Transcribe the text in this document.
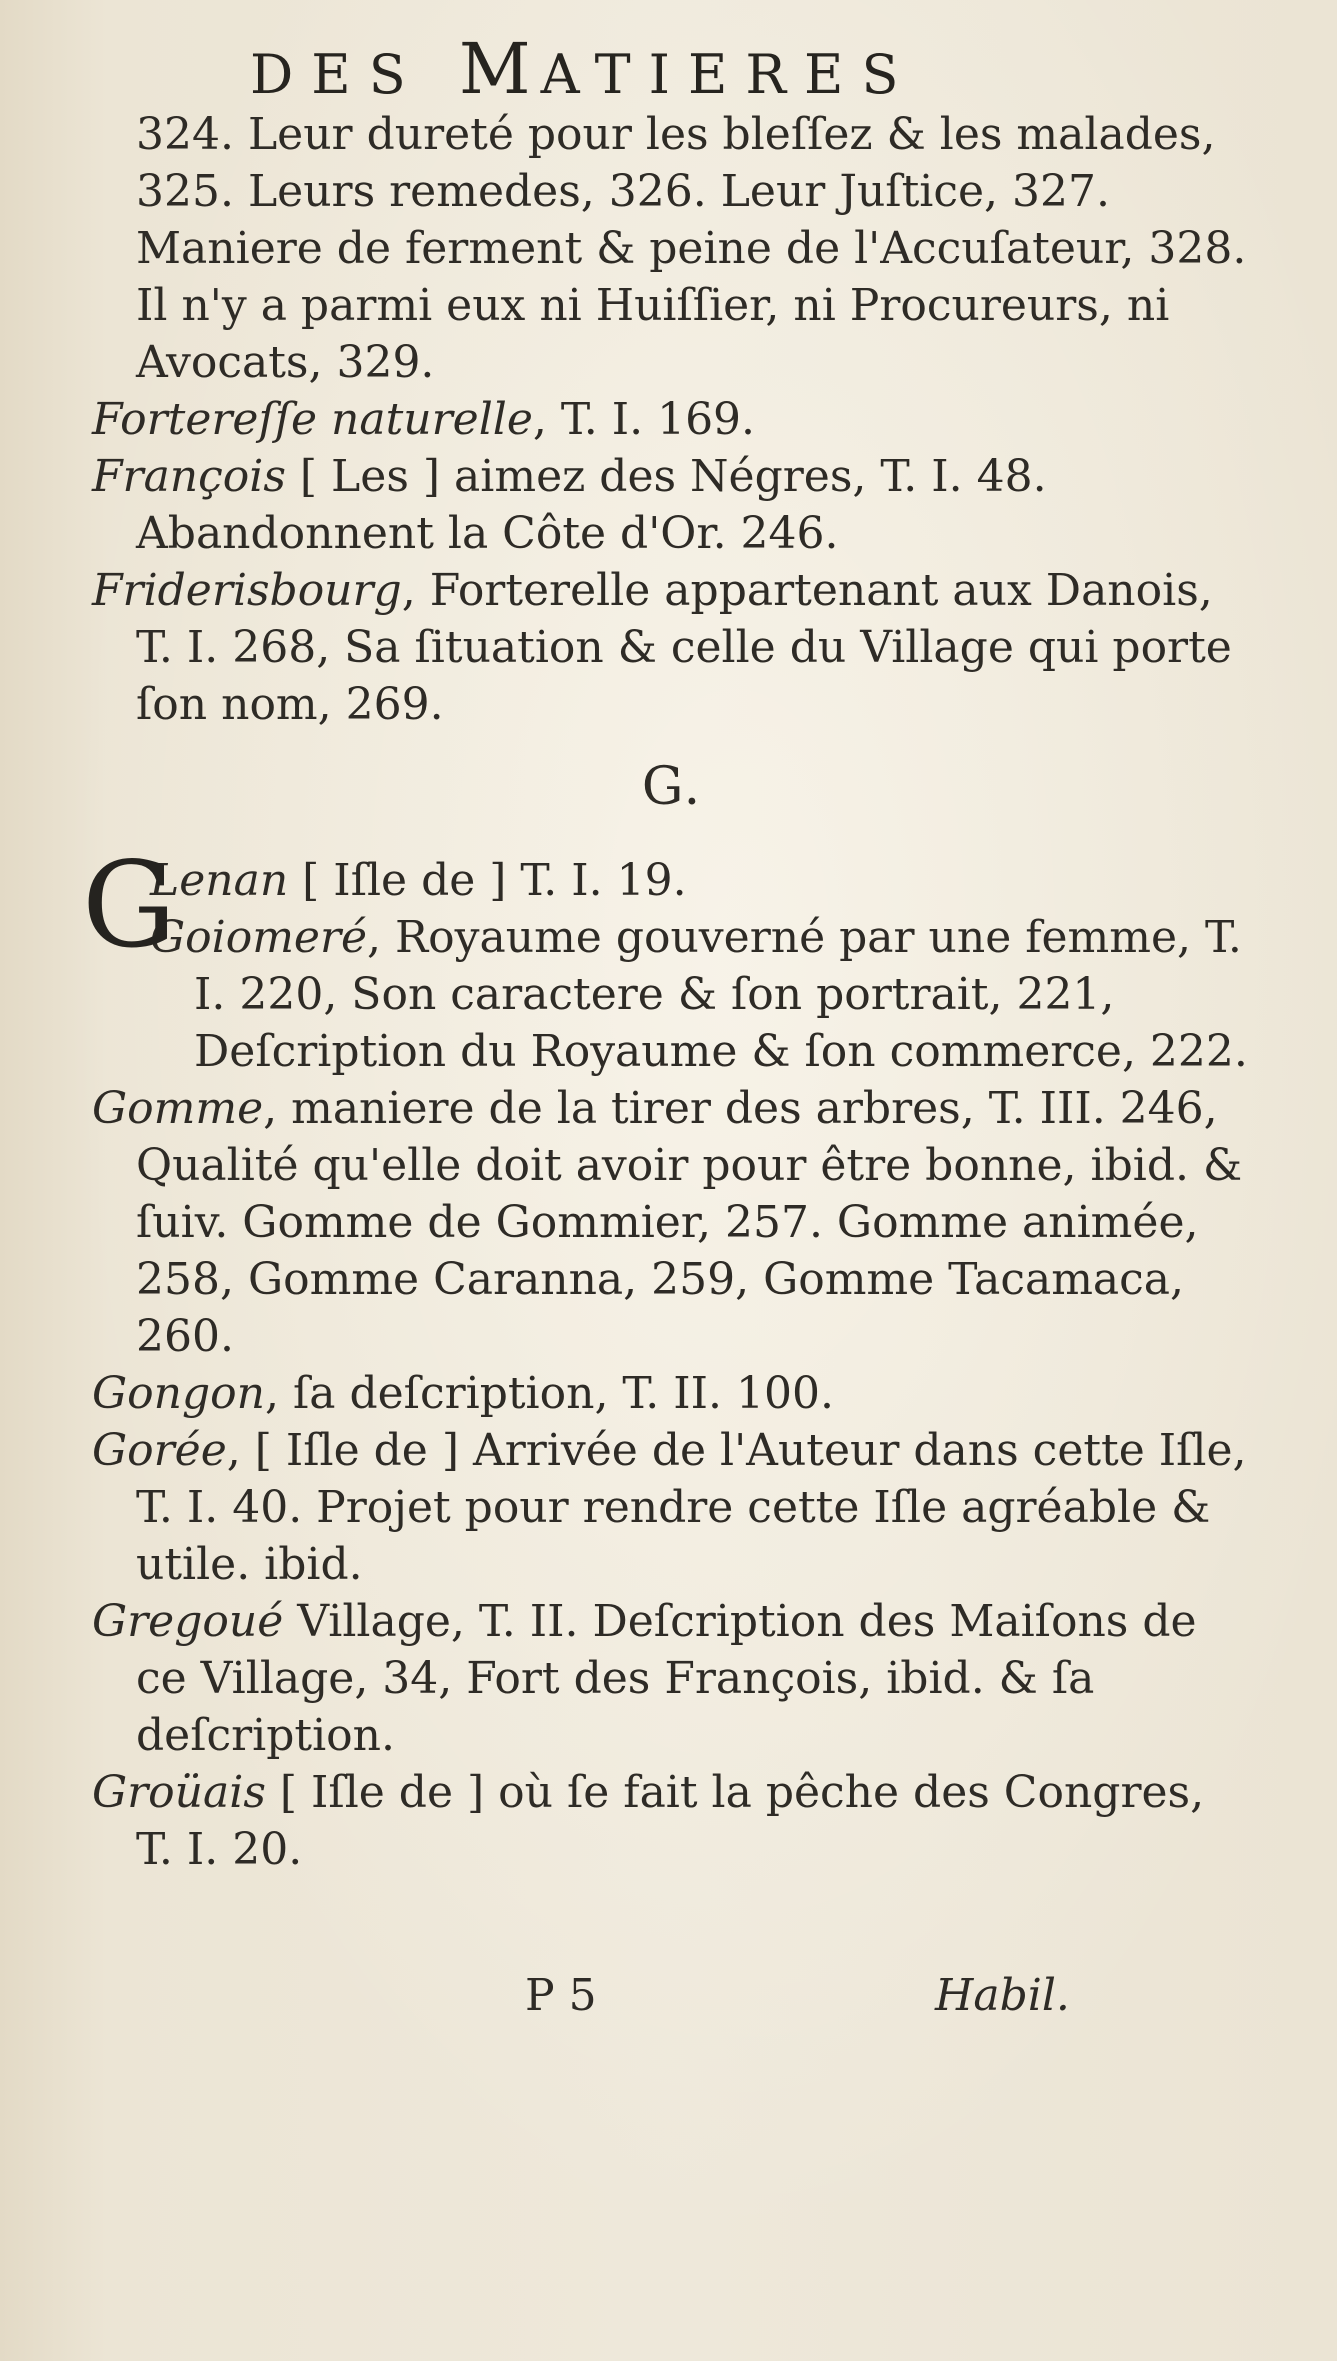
DES MATIERES

324. Leur dureté pour les bleſſez & les malades, 325. Leurs remedes, 326. Leur Juſtice, 327. Maniere de ferment & peine de l'Accuſateur, 328. Il n'y a parmi eux ni Huiſſier, ni Procureurs, ni Avocats, 329.

Fortereſſe naturelle, T. I. 169.

François [ Les ] aimez des Négres, T. I. 48. Abandonnent la Côte d'Or. 246.

Friderisbourg, Forterelle appartenant aux Danois, T. I. 268, Sa ſituation & celle du Village qui porte ſon nom, 269.

G.

G
Lenan [ Iſle de ] T. I. 19.

Goiomeré, Royaume gouverné par une femme, T. I. 220, Son caractere & ſon portrait, 221, Deſcription du Royaume & ſon commerce, 222.

Gomme, maniere de la tirer des arbres, T. III. 246, Qualité qu'elle doit avoir pour être bonne, ibid. & ſuiv. Gomme de Gommier, 257. Gomme animée, 258, Gomme Caranna, 259, Gomme Tacamaca, 260.

Gongon, ſa deſcription, T. II. 100.

Gorée, [ Iſle de ] Arrivée de l'Auteur dans cette Iſle, T. I. 40. Projet pour rendre cette Iſle agréable & utile. ibid.

Gregoué Village, T. II. Deſcription des Maiſons de ce Village, 34, Fort des François, ibid. & ſa deſcription.

Groüais [ Iſle de ] où ſe fait la pêche des Congres, T. I. 20.

P 5	Habil.
